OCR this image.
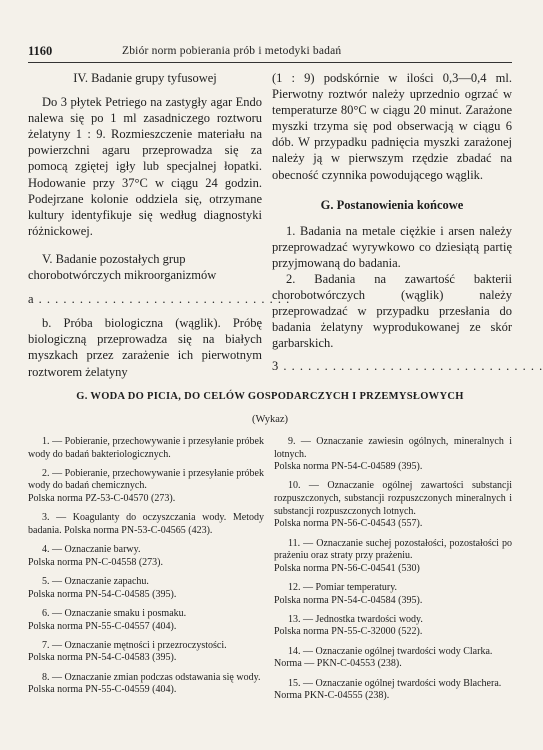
1160	Zbiór norm pobierania prób i metodyki badań

IV. Badanie grupy tyfusowej

Do 3 płytek Petriego na zastygły agar Endo nalewa się po 1 ml zasadniczego roztworu żelatyny 1 : 9. Rozmieszczenie materiału na powierzchni agaru przeprowadza się za pomocą zgiętej igły lub specjalnej łopatki. Hodowanie przy 37°C w ciągu 24 godzin. Podejrzane kolonie oddziela się, otrzymane kultury identyfikuje się według diagnostyki różnickowej.

V. Badanie pozostałych grup chorobotwórczych mikroorganizmów

a . . . . . . . . . . . . . . . . . . . . . . . . . . . . . . .

b. Próba biologiczna (wąglik). Próbę biologiczną przeprowadza się na białych myszkach przez zarażenie ich pierwotnym roztworem żelatyny

(1 : 9) podskórnie w ilości 0,3—0,4 ml. Pierwotny roztwór należy uprzednio ogrzać w temperaturze 80°C w ciągu 20 minut. Zarażone myszki trzyma się pod obserwacją w ciągu 6 dób. W przypadku padnięcia myszki zarażonej należy ją w pierwszym rzędzie zbadać na obecność czynnika powodującego wąglik.

G. Postanowienia końcowe

1. Badania na metale ciężkie i arsen należy przeprowadzać wyrywkowo co dziesiątą partię przyjmowaną do badania.

2. Badania na zawartość bakterii chorobotwórczych (wąglik) należy przeprowadzać w przypadku przesłania do badania żelatyny wyprodukowanej ze skór garbarskich.

3 . . . . . . . . . . . . . . . . . . . . . . . . . . . . . . . .

G. WODA DO PICIA, DO CELÓW GOSPODARCZYCH I PRZEMYSŁOWYCH
(Wykaz)
1. — Pobieranie, przechowywanie i przesyłanie próbek wody do badań bakteriologicznych.
2. — Pobieranie, przechowywanie i przesyłanie próbek wody do badań chemicznych.
Polska norma PZ-53-C-04570 (273).
3. — Koagulanty do oczyszczania wody. Metody badania. Polska norma PN-53-C-04565 (423).
4. — Oznaczanie barwy.
Polska norma PN-C-04558 (273).
5. — Oznaczanie zapachu.
Polska norma PN-54-C-04585 (395).
6. — Oznaczanie smaku i posmaku.
Polska norma PN-55-C-04557 (404).
7. — Oznaczanie mętności i przezroczystości.
Polska norma PN-54-C-04583 (395).
8. — Oznaczanie zmian podczas odstawania się wody.
Polska norma PN-55-C-04559 (404).
9. — Oznaczanie zawiesin ogólnych, mineralnych i lotnych.
Polska norma PN-54-C-04589 (395).
10. — Oznaczanie ogólnej zawartości substancji rozpuszczonych, substancji rozpuszczonych mineralnych i substancji rozpuszczonych lotnych.
Polska norma PN-56-C-04543 (557).
11. — Oznaczanie suchej pozostałości, pozostałości po prażeniu oraz straty przy prażeniu.
Polska norma PN-56-C-04541 (530)
12. — Pomiar temperatury.
Polska norma PN-54-C-04584 (395).
13. — Jednostka twardości wody.
Polska norma PN-55-C-32000 (522).
14. — Oznaczanie ogólnej twardości wody Clarka.
Norma — PKN-C-04553 (238).
15. — Oznaczanie ogólnej twardości wody Blachera.
Norma PKN-C-04555 (238).
